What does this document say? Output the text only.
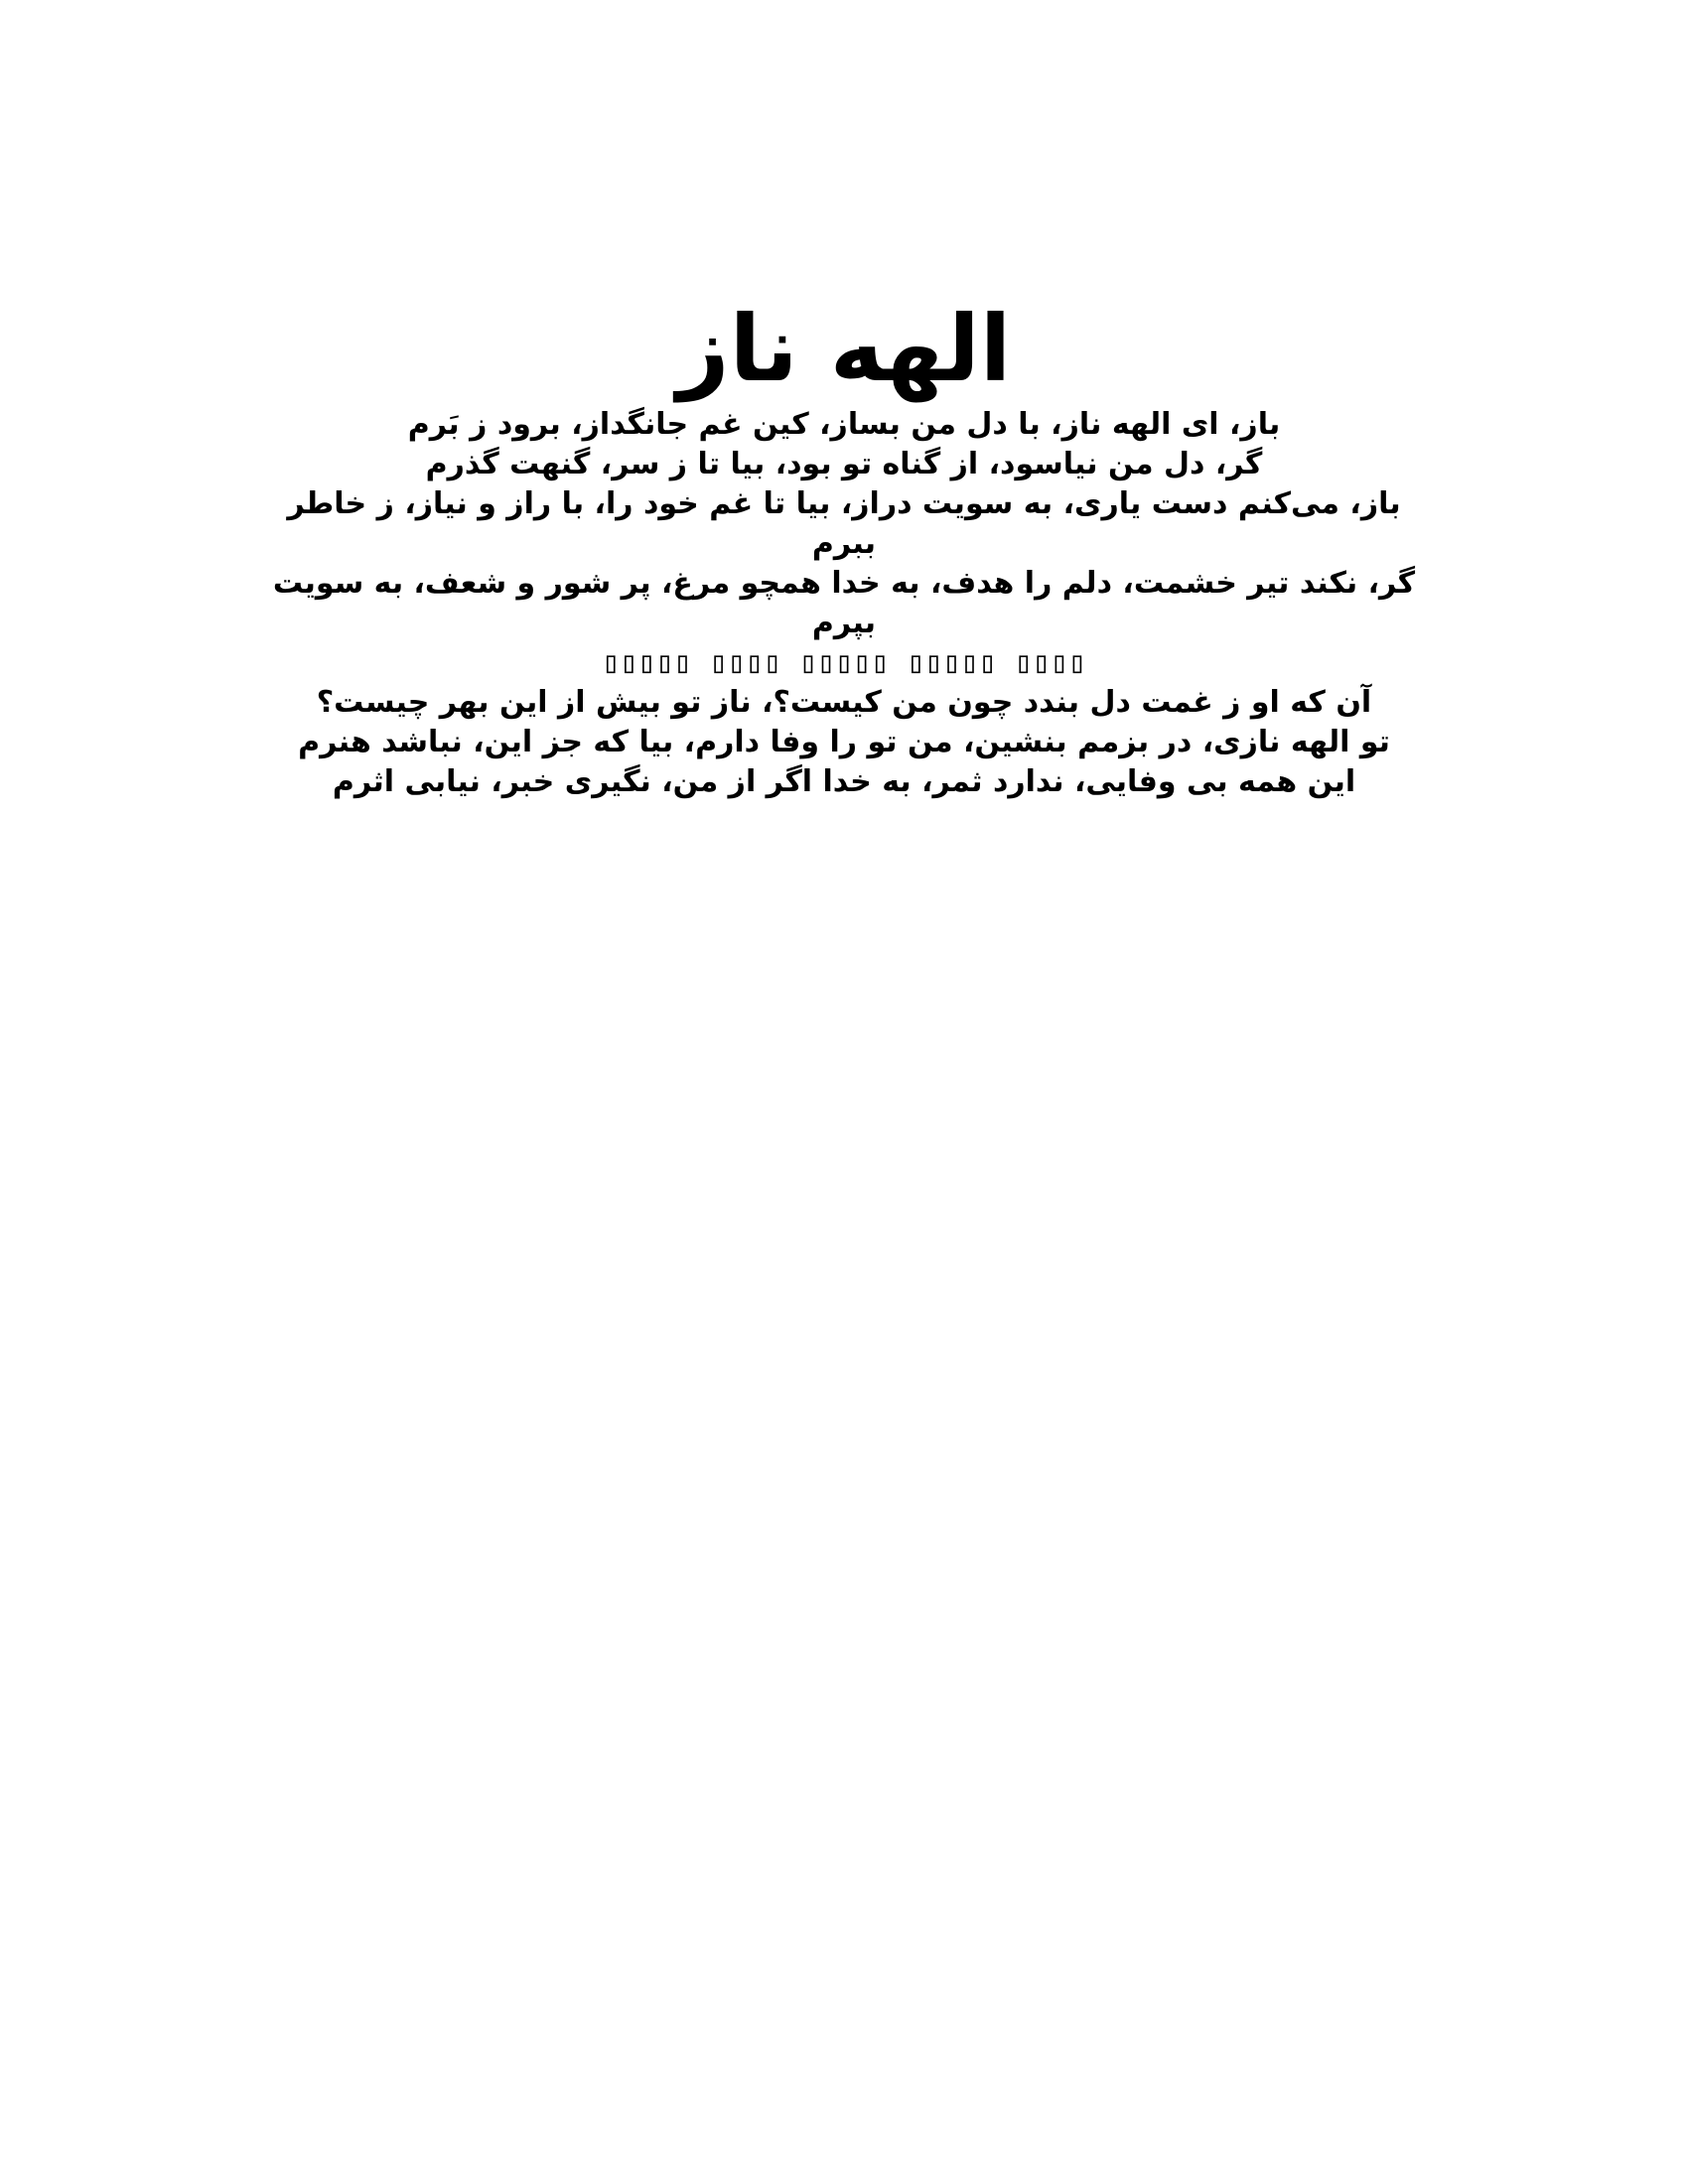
الهه ناز

باز، ای الهه ناز، با دل من بساز، کین غم جانگداز، برود ز بَرم

گر، دل من نیاسود، از گناه تو بود، بیا تا ز سر، گنهت گذرم

باز، می‌کنم دست یاری، به سویت دراز، بیا تا غم خود را، با راز و نیاز، ز خاطر ببرم

گر، نکند تیر خشمت، دلم را هدف، به خدا همچو مرغ، پر شور و شعف، به سویت بپرم

▯▯▯▯▯ ▯▯▯▯ ▯▯▯▯▯ ▯▯▯▯▯ ▯▯▯▯

آن که او ز غمت دل بندد چون من کیست؟، ناز تو بیش از این بهر چیست؟

تو الهه نازی، در بزمم بنشین، من تو را وفا دارم، بیا که جز این، نباشد هنرم

این همه بی وفایی، ندارد ثمر، به خدا اگر از من، نگیری خبر، نیابی اثرم
